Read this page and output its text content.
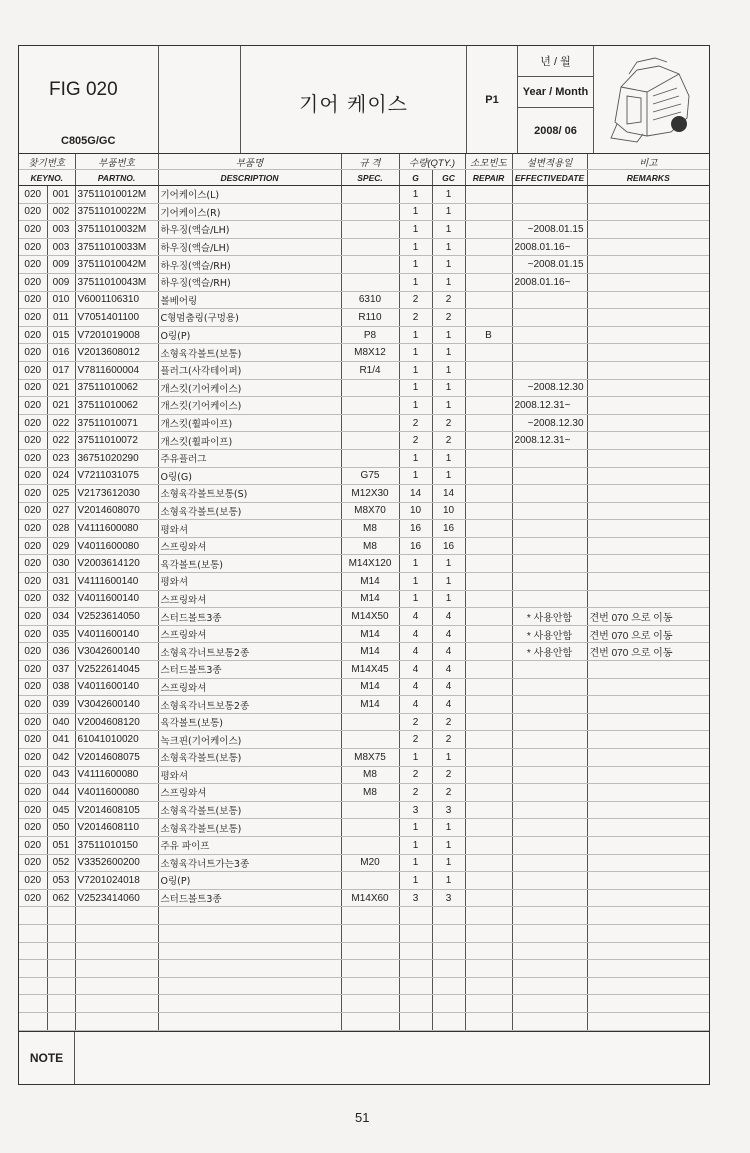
FIG 020
C805G/GC
기어 케이스	P1
년 / 월
Year / Month
2008/ 06
찾기번호		부품번호	부품명	규 격	수량(QTY.)		소모빈도	설변적용일	비고
KEYNO.		PARTNO.	DESCRIPTION	SPEC.	G	GC	REPAIR	EFFECTIVEDATE	REMARKS
020	001	37511010012M	기어케이스(L)		1	1			
020	002	37511010022M	기어케이스(R)		1	1			
020	003	37511010032M	하우징(액슬/LH)		1	1		~2008.01.15	
020	003	37511010033M	하우징(액슬/LH)		1	1		2008.01.16~	
020	009	37511010042M	하우징(액슬/RH)		1	1		~2008.01.15	
020	009	37511010043M	하우징(액슬/RH)		1	1		2008.01.16~	
020	010	V6001106310	볼베어링	6310	2	2			
020	011	V7051401100	C형멈춤링(구멍용)	R110	2	2			
020	015	V7201019008	O링(P)	P8	1	1	B		
020	016	V2013608012	소형육각볼트(보통)	M8X12	1	1			
020	017	V7811600004	플러그(사각테이퍼)	R1/4	1	1			
020	021	37511010062	개스킷(기어케이스)		1	1		~2008.12.30	
020	021	37511010062	개스킷(기어케이스)		1	1		2008.12.31~	
020	022	37511010071	개스킷(휠파이프)		2	2		~2008.12.30	
020	022	37511010072	개스킷(휠파이프)		2	2		2008.12.31~	
020	023	36751020290	주유플러그		1	1			
020	024	V7211031075	O링(G)	G75	1	1			
020	025	V2173612030	소형육각볼트보통(S)	M12X30	14	14			
020	027	V2014608070	소형육각볼트(보통)	M8X70	10	10			
020	028	V4111600080	평와셔	M8	16	16			
020	029	V4011600080	스프링와셔	M8	16	16			
020	030	V2003614120	육각볼트(보통)	M14X120	1	1			
020	031	V4111600140	평와셔	M14	1	1			
020	032	V4011600140	스프링와셔	M14	1	1			
020	034	V2523614050	스터드볼트3종	M14X50	4	4		* 사용안함	견번 070 으로 이동
020	035	V4011600140	스프링와셔	M14	4	4		* 사용안함	견번 070 으로 이동
020	036	V3042600140	소형육각너트보통2종	M14	4	4		* 사용안함	견번 070 으로 이동
020	037	V2522614045	스터드볼트3종	M14X45	4	4			
020	038	V4011600140	스프링와셔	M14	4	4			
020	039	V3042600140	소형육각너트보통2종	M14	4	4			
020	040	V2004608120	육각볼트(보통)		2	2			
020	041	61041010020	녹크핀(기어케이스)		2	2			
020	042	V2014608075	소형육각볼트(보통)	M8X75	1	1			
020	043	V4111600080	평와셔	M8	2	2			
020	044	V4011600080	스프링와셔	M8	2	2			
020	045	V2014608105	소형육각볼트(보통)		3	3			
020	050	V2014608110	소형육각볼트(보통)		1	1			
020	051	37511010150	주유 파이프		1	1			
020	052	V3352600200	소형육각너트가는3종	M20	1	1			
020	053	V7201024018	O링(P)		1	1			
020	062	V2523414060	스터드볼트3종	M14X60	3	3			

NOTE
51
